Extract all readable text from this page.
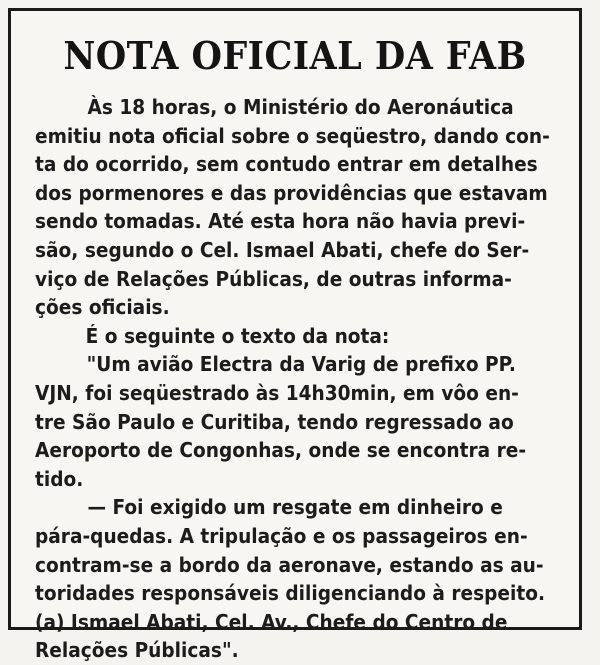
NOTA OFICIAL DA FAB
Às 18 horas, o Ministério do Aeronáutica
emitiu nota oficial sobre o seqüestro, dando con-
ta do ocorrido, sem contudo entrar em detalhes
dos pormenores e das providências que estavam
sendo tomadas. Até esta hora não havia previ-
são, segundo o Cel. Ismael Abati, chefe do Ser-
viço de Relações Públicas, de outras informa-
ções oficiais.
É o seguinte o texto da nota:
"Um avião Electra da Varig de prefixo PP.
VJN, foi seqüestrado às 14h30min, em vôo en-
tre São Paulo e Curitiba, tendo regressado ao
Aeroporto de Congonhas, onde se encontra re-
tido.
— Foi exigido um resgate em dinheiro e
pára-quedas. A tripulação e os passageiros en-
contram-se a bordo da aeronave, estando as au-
toridades responsáveis diligenciando à respeito.
(a) Ismael Abati, Cel. Av., Chefe do Centro de
Relações Públicas".
